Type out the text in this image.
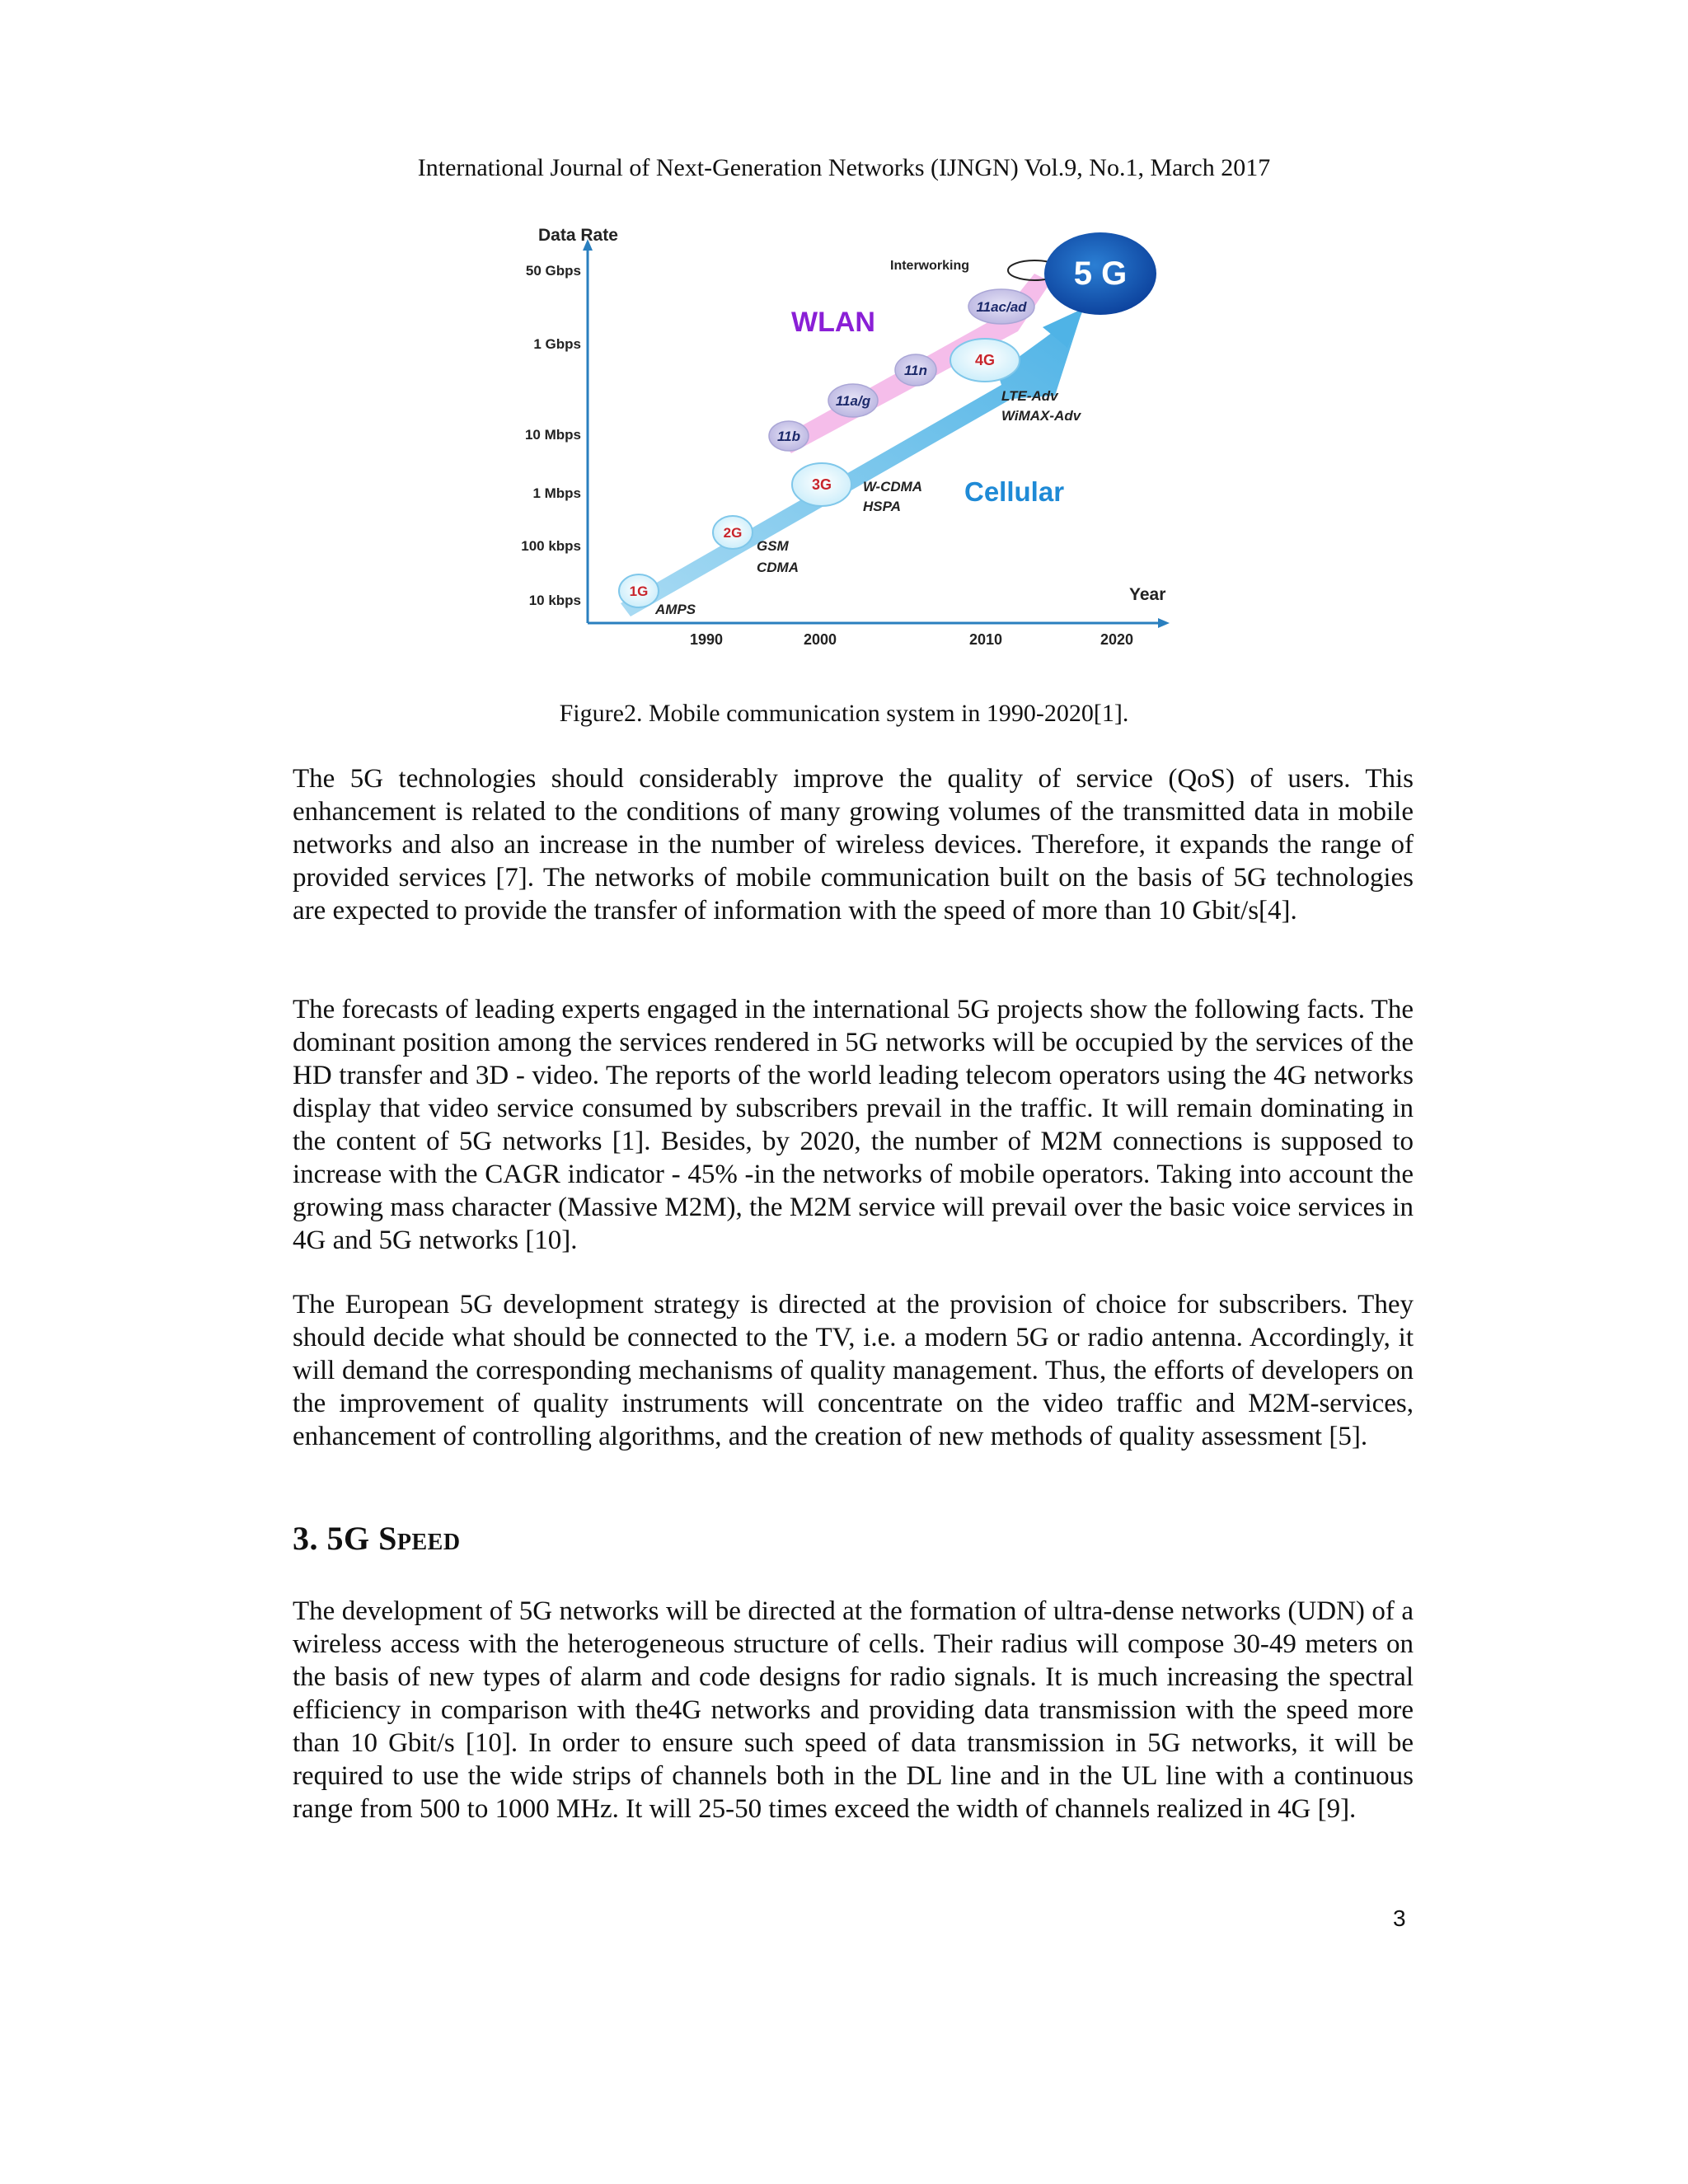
International Journal of Next-Generation Networks (IJNGN) Vol.9, No.1, March 2017
Data Rate
Year
50 Gbps
1 Gbps
10 Mbps
1 Mbps
100 kbps
10 kbps
1990	2000	2010	2020
11b
11a/g
11n
11ac/ad
1G
2G
3G
4G
AMPS
GSM
CDMA
W-CDMA
HSPA
LTE-Adv
WiMAX-Adv
WLAN
Cellular
Interworking	5 G
Figure2. Mobile communication system in 1990-2020[1].

The 5G technologies should considerably improve the quality of service (QoS) of users. This enhancement is related to the conditions of many growing volumes of the transmitted data in mobile networks and also an increase in the number of wireless devices. Therefore, it expands the range of provided services [7]. The networks of mobile communication built on the basis of 5G technologies are expected to provide the transfer of information with the speed of more than 10 Gbit/s[4].

The forecasts of leading experts engaged in the international 5G projects show the following facts. The dominant position among the services rendered in 5G networks will be occupied by the services of the HD transfer and 3D - video. The reports of the world leading telecom operators using the 4G networks display that video service consumed by subscribers prevail in the traffic. It will remain dominating in the content of 5G networks [1]. Besides, by 2020, the number of M2M connections is supposed to increase with the CAGR indicator - 45% -in the networks of mobile operators. Taking into account the growing mass character (Massive M2M), the M2M service will prevail over the basic voice services in 4G and 5G networks [10].

The European 5G development strategy is directed at the provision of choice for subscribers. They should decide what should be connected to the TV, i.e. a modern 5G or radio antenna. Accordingly, it will demand the corresponding mechanisms of quality management. Thus, the efforts of developers on the improvement of quality instruments will concentrate on the video traffic and M2M-services, enhancement of controlling algorithms, and the creation of new methods of quality assessment [5].

3. 5G Speed

The development of 5G networks will be directed at the formation of ultra-dense networks (UDN) of a wireless access with the heterogeneous structure of cells. Their radius will compose 30-49 meters on the basis of new types of alarm and code designs for radio signals. It is much increasing the spectral efficiency in comparison with the4G networks and providing data transmission with the speed more than 10 Gbit/s [10]. In order to ensure such speed of data transmission in 5G networks, it will be required to use the wide strips of channels both in the DL line and in the UL line with a continuous range from 500 to 1000 MHz. It will 25-50 times exceed the width of channels realized in 4G [9].

3
